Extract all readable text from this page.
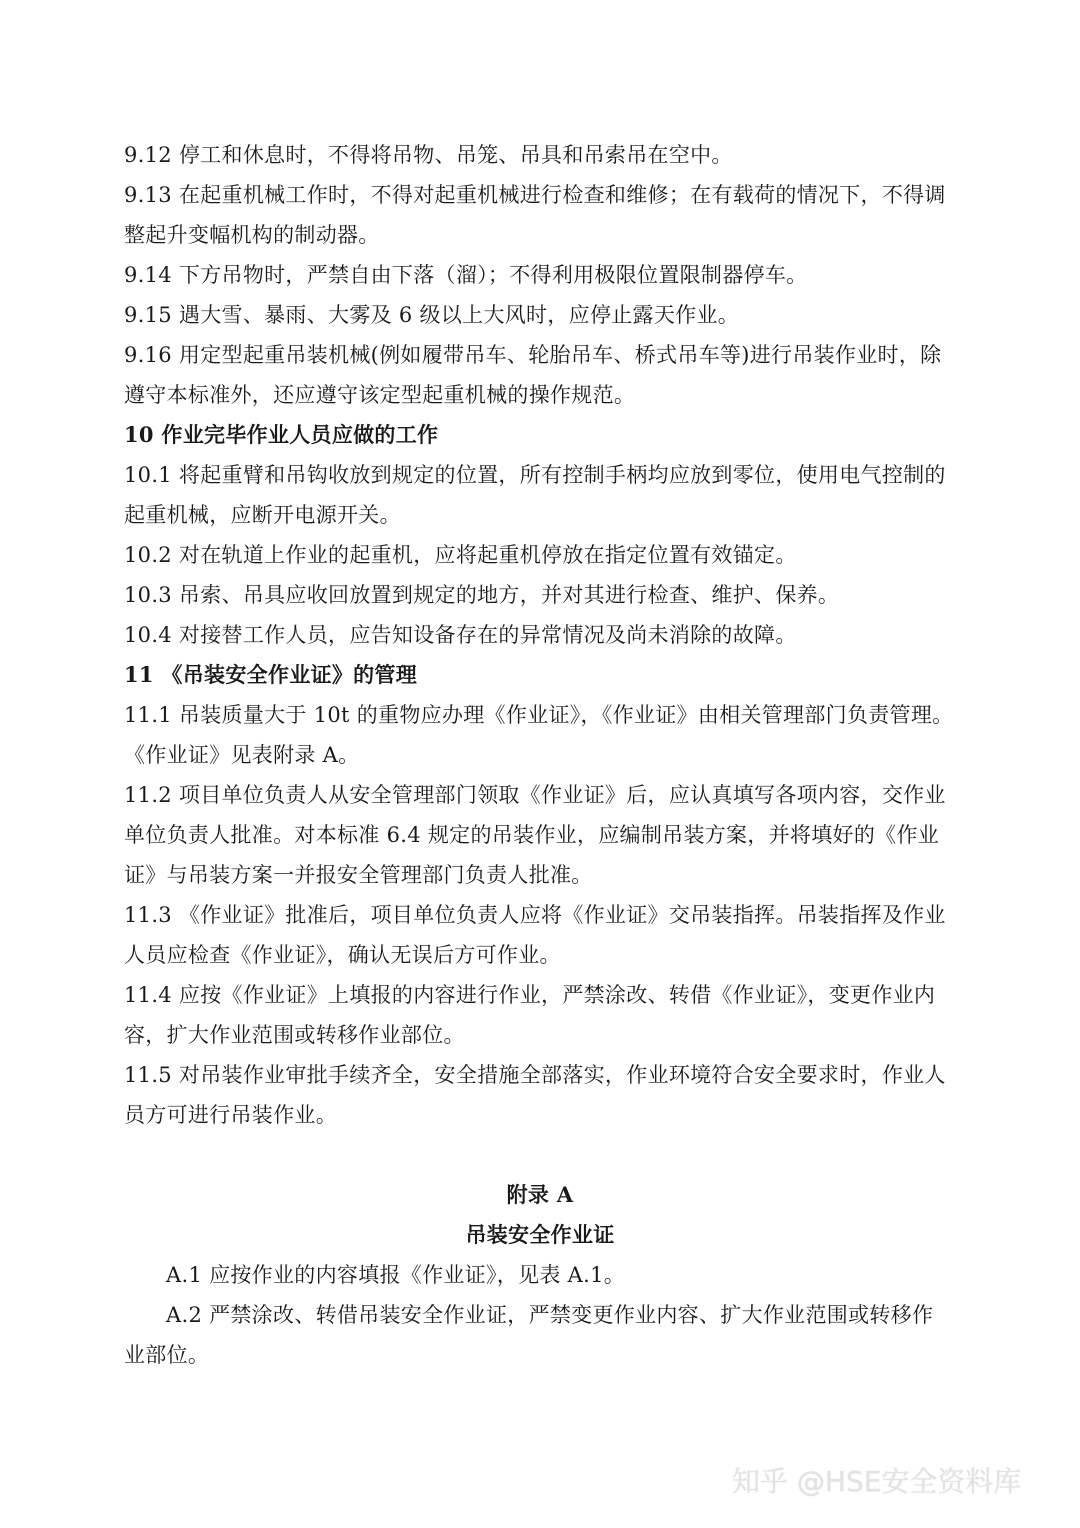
9.12 停工和休息时，不得将吊物、吊笼、吊具和吊索吊在空中。
9.13 在起重机械工作时，不得对起重机械进行检查和维修；在有载荷的情况下，不得调
整起升变幅机构的制动器。
9.14 下方吊物时，严禁自由下落（溜）；不得利用极限位置限制器停车。
9.15 遇大雪、暴雨、大雾及 6 级以上大风时，应停止露天作业。
9.16 用定型起重吊装机械(例如履带吊车、轮胎吊车、桥式吊车等)进行吊装作业时，除
遵守本标准外，还应遵守该定型起重机械的操作规范。
10 作业完毕作业人员应做的工作
10.1 将起重臂和吊钩收放到规定的位置，所有控制手柄均应放到零位，使用电气控制的
起重机械，应断开电源开关。
10.2 对在轨道上作业的起重机，应将起重机停放在指定位置有效锚定。
10.3 吊索、吊具应收回放置到规定的地方，并对其进行检查、维护、保养。
10.4 对接替工作人员，应告知设备存在的异常情况及尚未消除的故障。
11 《吊装安全作业证》的管理
11.1 吊装质量大于 10t 的重物应办理《作业证》，《作业证》由相关管理部门负责管理。
《作业证》见表附录 A。
11.2 项目单位负责人从安全管理部门领取《作业证》后，应认真填写各项内容，交作业
单位负责人批准。对本标准 6.4 规定的吊装作业，应编制吊装方案，并将填好的《作业
证》与吊装方案一并报安全管理部门负责人批准。
11.3 《作业证》批准后，项目单位负责人应将《作业证》交吊装指挥。吊装指挥及作业
人员应检查《作业证》，确认无误后方可作业。
11.4 应按《作业证》上填报的内容进行作业，严禁涂改、转借《作业证》，变更作业内
容，扩大作业范围或转移作业部位。
11.5 对吊装作业审批手续齐全，安全措施全部落实，作业环境符合安全要求时，作业人
员方可进行吊装作业。
附录 A
吊装安全作业证
A.1 应按作业的内容填报《作业证》，见表 A.1。
A.2 严禁涂改、转借吊装安全作业证，严禁变更作业内容、扩大作业范围或转移作
业部位。
知乎 @HSE安全资料库
